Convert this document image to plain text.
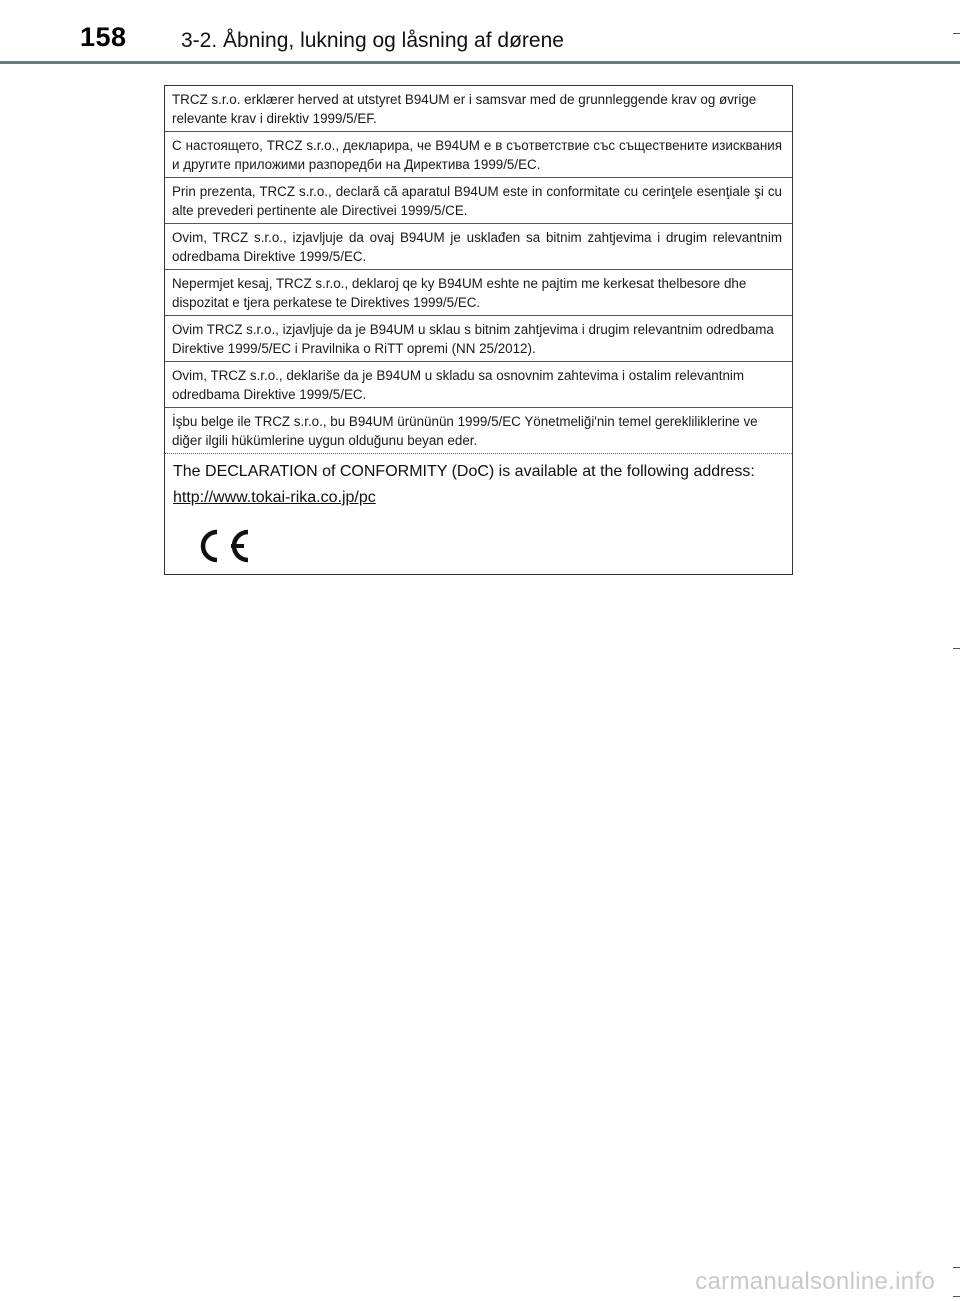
158	3-2. Åbning, lukning og låsning af dørene
TRCZ s.r.o. erklærer herved at utstyret B94UM er i samsvar med de grunnleggende krav og øvrige relevante krav i direktiv 1999/5/EF.
С настоящето, TRCZ s.r.o., декларира, че B94UM е в съответствие със съществените изисквания и другите приложими разпоредби на Директива 1999/5/ЕС.
Prin prezenta, TRCZ s.r.o., declară că aparatul B94UM este in conformitate cu cerinţele esenţiale şi cu alte prevederi pertinente ale Directivei 1999/5/CE.
Ovim, TRCZ s.r.o., izjavljuje da ovaj B94UM je usklađen sa bitnim zahtjevima i drugim relevantnim odredbama Direktive 1999/5/EC.
Nepermjet kesaj, TRCZ s.r.o., deklaroj qe ky B94UM eshte ne pajtim me kerkesat thelbesore dhe dispozitat e tjera perkatese te Direktives 1999/5/EC.
Ovim TRCZ s.r.o., izjavljuje da je B94UM u sklau s bitnim zahtjevima i drugim relevantnim odredbama Direktive 1999/5/EC i Pravilnika o RiTT opremi (NN 25/2012).
Ovim, TRCZ s.r.o., deklariše da je B94UM u skladu sa osnovnim zahtevima i ostalim relevantnim odredbama Direktive 1999/5/EC.
İşbu belge ile TRCZ s.r.o., bu B94UM ürününün 1999/5/EC Yönetmeliği'nin temel gerekliliklerine ve diğer ilgili hükümlerine uygun olduğunu beyan eder.
The DECLARATION of CONFORMITY (DoC) is available at the following address:
http://www.tokai-rika.co.jp/pc
carmanualsonline.info
